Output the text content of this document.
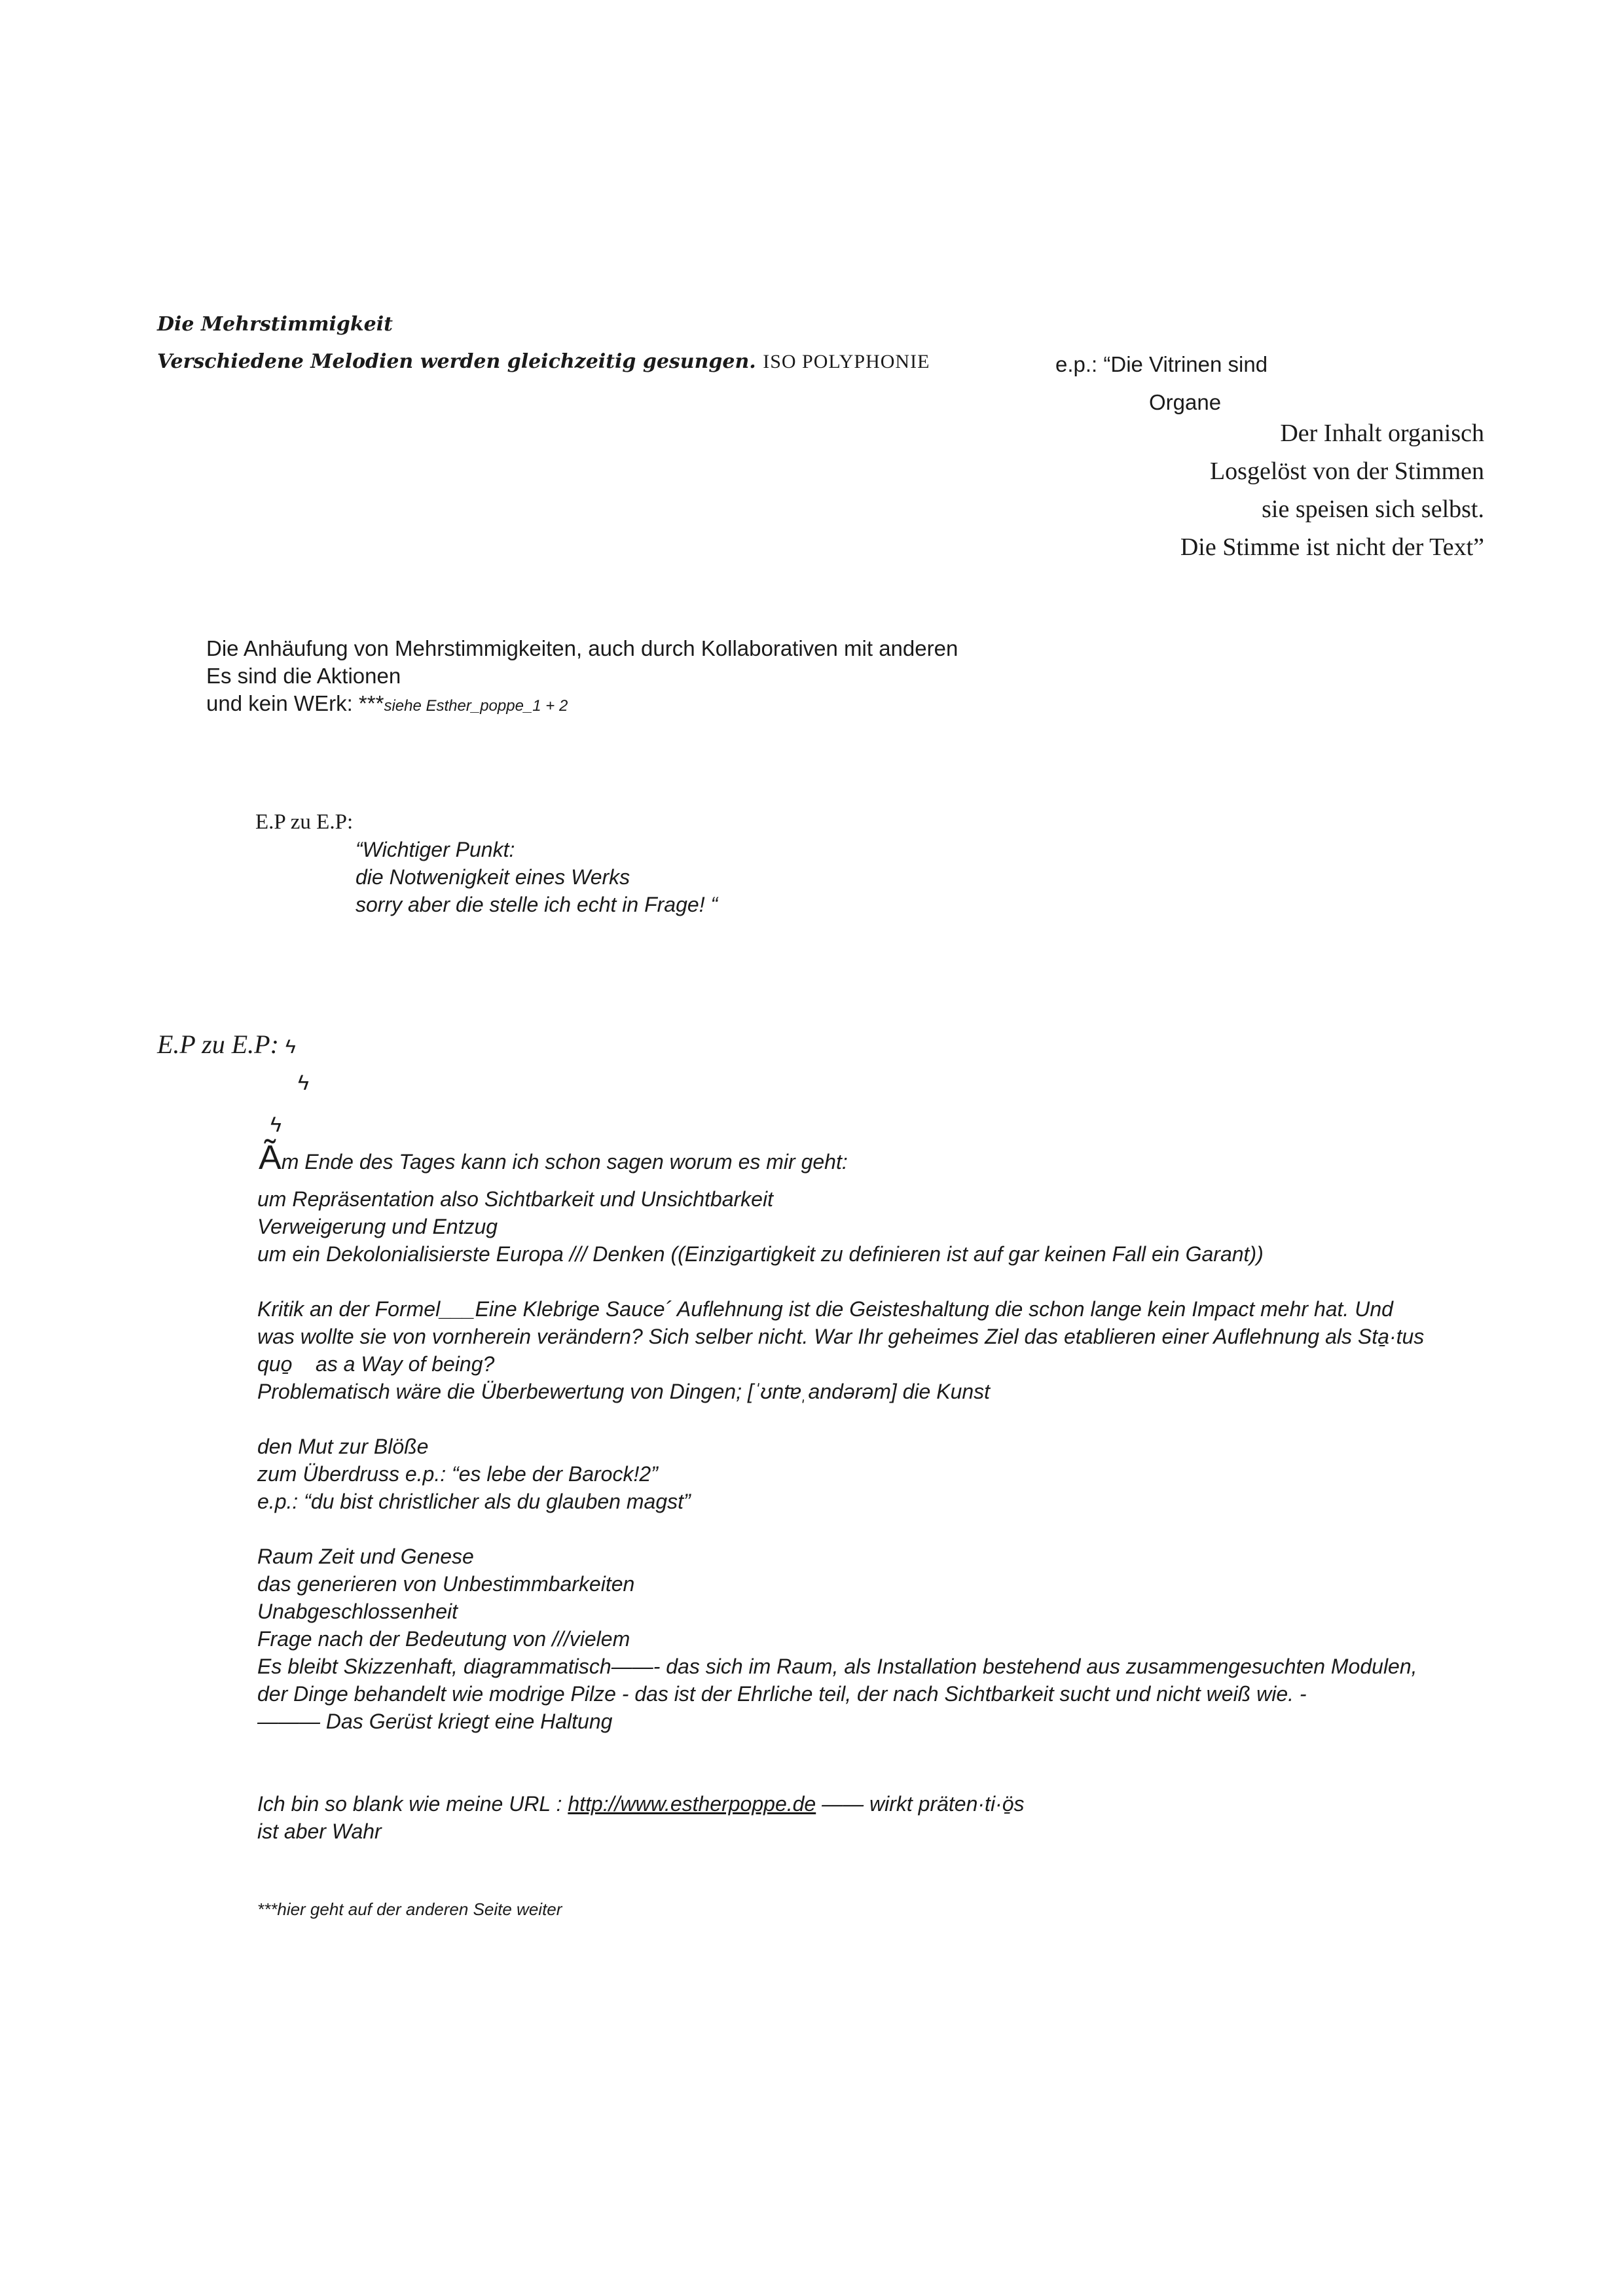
Die Mehrstimmigkeit
Verschiedene Melodien werden gleichzeitig gesungen. ISO POLYPHONIE	e.p.: “Die Vitrinen sind
Organe
Der Inhalt organisch
Losgelöst von der Stimmen
sie speisen sich selbst.
Die Stimme ist nicht der Text”
Die Anhäufung von Mehrstimmigkeiten, auch durch Kollaborativen mit anderen
Es sind die Aktionen
und kein WErk: ***siehe Esther_poppe_1 + 2
E.P zu E.P:
“Wichtiger Punkt:
die Notwenigkeit eines Werks
sorry aber die stelle ich echt in Frage! “
E.P zu E.P: ϟ
ϟ
ϟ
Ãm Ende des Tages kann ich schon sagen worum es mir geht:
um Repräsentation also Sichtbarkeit und Unsichtbarkeit
Verweigerung und Entzug
um ein Dekolonialisierste Europa /// Denken ((Einzigartigkeit zu definieren ist auf gar keinen Fall ein Garant))
Kritik an der Formel___Eine Klebrige Sauce´ Auflehnung ist die Geisteshaltung die schon lange kein Impact mehr hat. Und
was wollte sie von vornherein verändern? Sich selber nicht. War Ihr geheimes Ziel das etablieren einer Auflehnung als Sta̱·tus
quo̱    as a Way of being?
Problematisch wäre die Überbewertung von Dingen; [ˈʊntɐˌandərəm] die Kunst
den Mut zur Blöße
zum Überdruss e.p.: “es lebe der Barock!2”
e.p.: “du bist christlicher als du glauben magst”
Raum Zeit und Genese
das generieren von Unbestimmbarkeiten
Unabgeschlossenheit
Frage nach der Bedeutung von ///vielem
Es bleibt Skizzenhaft, diagrammatisch——- das sich im Raum, als Installation bestehend aus zusammengesuchten Modulen,
der Dinge behandelt wie modrige Pilze - das ist der Ehrliche teil, der nach Sichtbarkeit sucht und nicht weiß wie. -
——— Das Gerüst kriegt eine Haltung
Ich bin so blank wie meine URL : http://www.estherpoppe.de —— wirkt präten·ti·ö̱s
ist aber Wahr
***hier geht auf der anderen Seite weiter
